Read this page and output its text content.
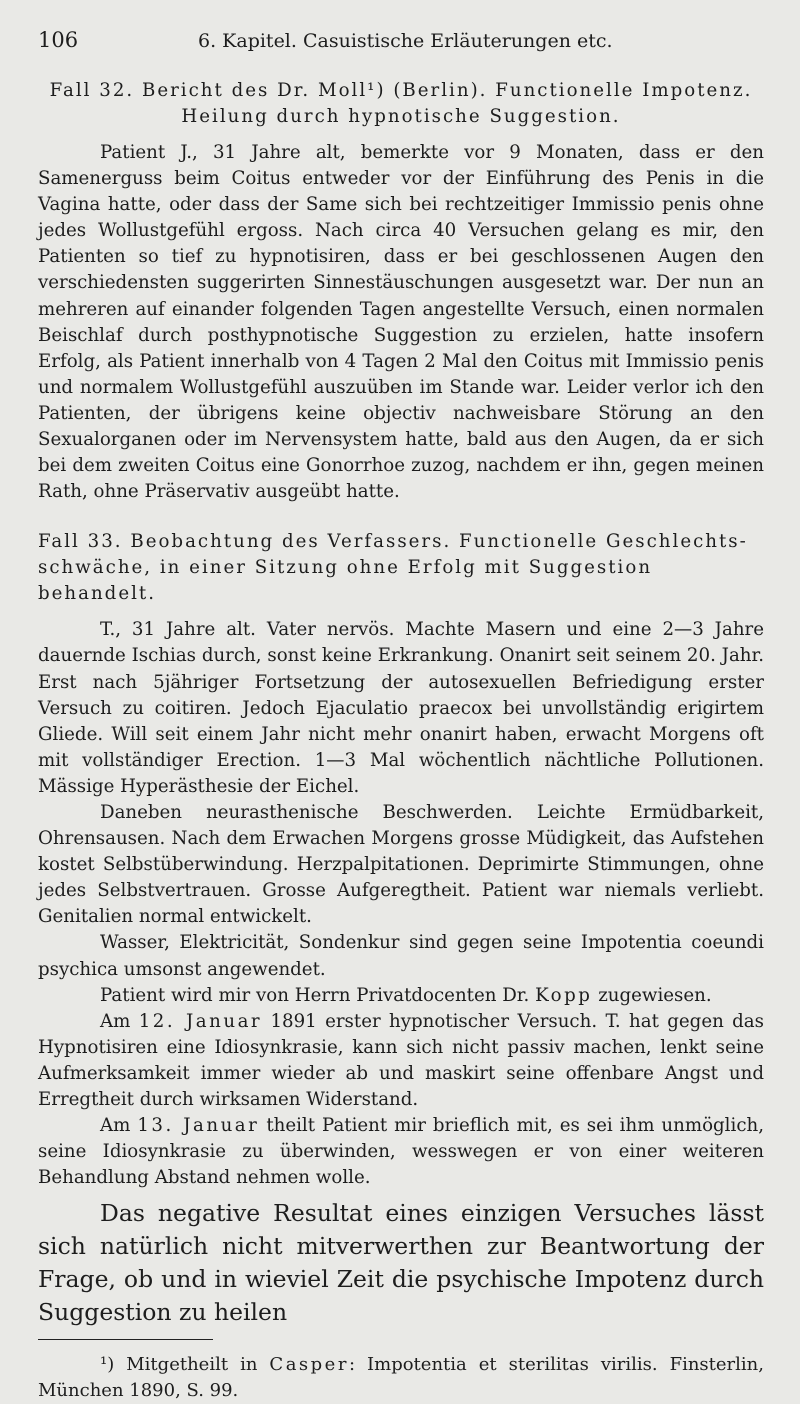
106	6. Kapitel. Casuistische Erläuterungen etc.
Fall 32. Bericht des Dr. Moll¹) (Berlin). Functionelle Impotenz.
Heilung durch hypnotische Suggestion.

Patient J., 31 Jahre alt, bemerkte vor 9 Monaten, dass er den Samenerguss beim Coitus entweder vor der Einführung des Penis in die Vagina hatte, oder dass der Same sich bei rechtzeitiger Immissio penis ohne jedes Wollustgefühl ergoss. Nach circa 40 Versuchen gelang es mir, den Patienten so tief zu hypnotisiren, dass er bei geschlossenen Augen den verschiedensten suggerirten Sinnestäuschungen ausgesetzt war. Der nun an mehreren auf einander folgenden Tagen angestellte Versuch, einen normalen Beischlaf durch posthypnotische Suggestion zu erzielen, hatte insofern Erfolg, als Patient innerhalb von 4 Tagen 2 Mal den Coitus mit Immissio penis und normalem Wollustgefühl auszuüben im Stande war. Leider verlor ich den Patienten, der übrigens keine objectiv nachweisbare Störung an den Sexualorganen oder im Nervensystem hatte, bald aus den Augen, da er sich bei dem zweiten Coitus eine Gonorrhoe zuzog, nachdem er ihn, gegen meinen Rath, ohne Präservativ ausgeübt hatte.

Fall 33. Beobachtung des Verfassers. Functionelle Geschlechts-
schwäche, in einer Sitzung ohne Erfolg mit Suggestion behandelt.

T., 31 Jahre alt. Vater nervös. Machte Masern und eine 2—3 Jahre dauernde Ischias durch, sonst keine Erkrankung. Onanirt seit seinem 20. Jahr. Erst nach 5jähriger Fortsetzung der autosexuellen Befriedigung erster Versuch zu coitiren. Jedoch Ejaculatio praecox bei unvollständig erigirtem Gliede. Will seit einem Jahr nicht mehr onanirt haben, erwacht Morgens oft mit vollständiger Erection. 1—3 Mal wöchentlich nächtliche Pollutionen. Mässige Hyperästhesie der Eichel.

Daneben neurasthenische Beschwerden. Leichte Ermüdbarkeit, Ohrensausen. Nach dem Erwachen Morgens grosse Müdigkeit, das Aufstehen kostet Selbstüberwindung. Herzpalpitationen. Deprimirte Stimmungen, ohne jedes Selbstvertrauen. Grosse Aufgeregtheit. Patient war niemals verliebt. Genitalien normal entwickelt.

Wasser, Elektricität, Sondenkur sind gegen seine Impotentia coeundi psychica umsonst angewendet.

Patient wird mir von Herrn Privatdocenten Dr. Kopp zugewiesen.

Am 12. Januar 1891 erster hypnotischer Versuch. T. hat gegen das Hypnotisiren eine Idiosynkrasie, kann sich nicht passiv machen, lenkt seine Aufmerksamkeit immer wieder ab und maskirt seine offenbare Angst und Erregtheit durch wirksamen Widerstand.

Am 13. Januar theilt Patient mir brieflich mit, es sei ihm unmöglich, seine Idiosynkrasie zu überwinden, wesswegen er von einer weiteren Behandlung Abstand nehmen wolle.

Das negative Resultat eines einzigen Versuches lässt sich natürlich nicht mitverwerthen zur Beantwortung der Frage, ob und in wieviel Zeit die psychische Impotenz durch Suggestion zu heilen

¹) Mitgetheilt in Casper: Impotentia et sterilitas virilis. Finsterlin, München 1890, S. 99.
